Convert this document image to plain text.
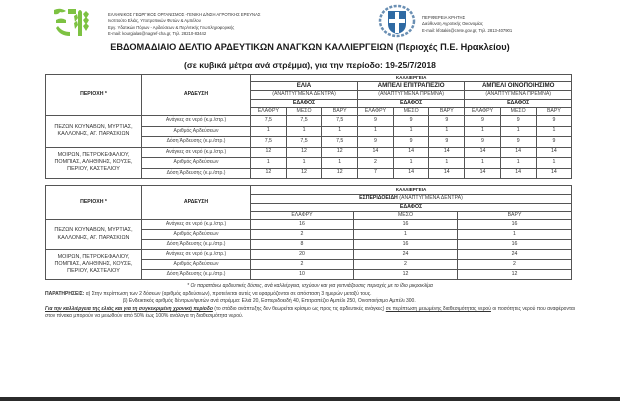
ΕΛΛΗΝΙΚΟΣ ΓΕΩΡΓΙΚΟΣ ΟΡΓΑΝΙΣΜΟΣ -ΓΕΝΙΚΗ Δ/ΝΣΗ ΑΓΡΟΤΙΚΗΣ ΕΡΕΥΝΑΣ
Ινστιτούτο Ελιάς, Υποτροπικών Φυτών & Αμπέλου
Εργ. Υδατικών Πόρων - Αρδεύσεων & Περ/ντικής Γεωπληροφορικής
E-mail: kourgialas@nagref-cha.gr, Τηλ. 28210-83442
ΠΕΡΙΦΕΡΕΙΑ ΚΡΗΤΗΣ
Διεύθυνση Αγροτικής Οικονομίας
E-mail: kfotakis@crete.gov.gr, Τηλ. 2813-407901
ΕΒΔΟΜΑΔΙΑΙΟ ΔΕΛΤΙΟ ΑΡΔΕΥΤΙΚΩΝ ΑΝΑΓΚΩΝ ΚΑΛΛΙΕΡΓΕΙΩΝ (Περιοχές Π.Ε. Ηρακλείου)
(σε κυβικά μέτρα ανά στρέμμα), για την περίοδο: 19-25/7/2018
ΠΕΡΙΟΧΗ *	ΑΡΔΕΥΣΗ	ΚΑΛΛΙΕΡΓΕΙΑ								
		ΕΛΙΑ			ΑΜΠΕΛΙ ΕΠΙΤΡΑΠΕΖΙΟ			ΑΜΠΕΛΙ ΟΙΝΟΠΟΙΗΣΙΜΟ		
		(ΑΝΑΠΤΥΓΜΕΝΑ ΔΕΝΤΡΑ)			(ΑΝΑΠΤΥΓΜΕΝΑ ΠΡΕΜΝΑ)			(ΑΝΑΠΤΥΓΜΕΝΑ ΠΡΕΜΝΑ)		
		ΕΔΑΦΟΣ			ΕΔΑΦΟΣ			ΕΔΑΦΟΣ		
		ΕΛΑΦΡΥ	ΜΕΣΟ	ΒΑΡΥ	ΕΛΑΦΡΥ	ΜΕΣΟ	ΒΑΡΥ	ΕΛΑΦΡΥ	ΜΕΣΟ	ΒΑΡΥ
ΠΕΖΩΝ ΚΟΥΝΑΒΩΝ, ΜΥΡΤΙΑΣ, ΚΑΛΛΟΝΗΣ, ΑΓ. ΠΑΡΑΣΚΙΩΝ	Ανάγκες σε νερό (κ.μ./στρ.)	7,5	7,5	7,5	9	9	9	9	9	9
	Αριθμός Αρδεύσεων	1	1	1	1	1	1	1	1	1
	Δόση Άρδευσης (κ.μ./στρ.)	7,5	7,5	7,5	9	9	9	9	9	9
ΜΟΙΡΩΝ, ΠΕΤΡΟΚΕΦΑΛΙΟΥ, ΠΟΜΠΙΑΣ, ΑΛΗΘΙΝΗΣ, ΚΟΥΣΕ, ΠΕΡΙΟΥ, ΚΑΣΤΕΛΙΟΥ	Ανάγκες σε νερό (κ.μ./στρ.)	12	12	12	14	14	14	14	14	14
	Αριθμός Αρδεύσεων	1	1	1	2	1	1	1	1	1
	Δόση Άρδευσης (κ.μ./στρ.)	12	12	12	7	14	14	14	14	14
ΠΕΡΙΟΧΗ *	ΑΡΔΕΥΣΗ	ΚΑΛΛΙΕΡΓΕΙΑ		
		ΕΣΠΕΡΙΔΟΕΙΔΗ (ΑΝΑΠΤΥΓΜΕΝΑ ΔΕΝΤΡΑ)		
		ΕΔΑΦΟΣ		
		ΕΛΑΦΡΥ	ΜΕΣΟ	ΒΑΡΥ
ΠΕΖΩΝ ΚΟΥΝΑΒΩΝ, ΜΥΡΤΙΑΣ, ΚΑΛΛΟΝΗΣ, ΑΓ. ΠΑΡΑΣΚΙΩΝ	Ανάγκες σε νερό (κ.μ./στρ.)	16	16	16
	Αριθμός Αρδεύσεων	2	1	1
	Δόση Άρδευσης (κ.μ./στρ.)	8	16	16
ΜΟΙΡΩΝ, ΠΕΤΡΟΚΕΦΑΛΙΟΥ, ΠΟΜΠΙΑΣ, ΑΛΗΘΙΝΗΣ, ΚΟΥΣΕ, ΠΕΡΙΟΥ, ΚΑΣΤΕΛΙΟΥ	Ανάγκες σε νερό (κ.μ./στρ.)	20	24	24
	Αριθμός Αρδεύσεων	2	2	2
	Δόση Άρδευσης (κ.μ./στρ.)	10	12	12
* Οι παραπάνω αρδευτικές δόσεις, ανά καλλιέργεια, ισχύουν και για γειτνιάζουσες περιοχές με το ίδιο μικροκλίμα
ΠΑΡΑΤΗΡΗΣΕΙΣ: α) Στην περίπτωση των 2 δόσεων (αριθμός αρδεύσεων), προτείνεται αυτές να εφαρμόζονται σε απόσταση 3 ημερών μεταξύ τους.
β) Ενδεικτικός αριθμός δέντρων/φυτών ανά στρέμμα: Ελιά 20, Εσπεριδοειδή 40, Επιτραπέζιο Αμπέλι 250, Οινοποιήσιμο Αμπέλι 300.
Για την καλλιέργεια της ελιάς και για τη συγκεκριμένη χρονική περίοδο (το στάδιο ανάπτυξης δεν θεωρείται κρίσιμο ως προς τις αρδευτικές ανάγκες) σε περίπτωση μειωμένης διαθεσιμότητας νερού οι ποσότητες νερού που αναφέρονται στον πίνακα μπορούν να μειωθούν από 50% έως 100% ανάλογα τη διαθεσιμότητα νερού.
